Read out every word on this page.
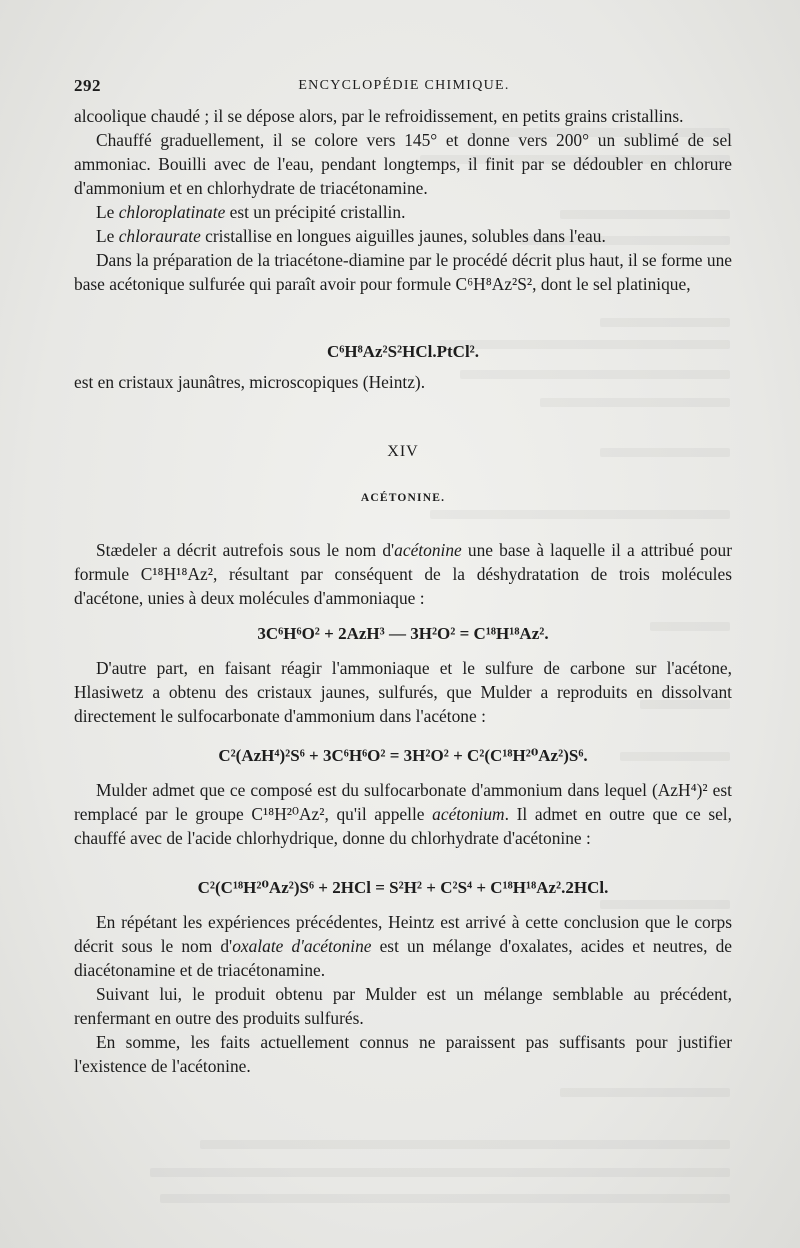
292	ENCYCLOPÉDIE CHIMIQUE.

alcoolique chaudé ; il se dépose alors, par le refroidissement, en petits grains cristallins.

Chauffé graduellement, il se colore vers 145° et donne vers 200° un sublimé de sel ammoniac. Bouilli avec de l'eau, pendant longtemps, il finit par se dédoubler en chlorure d'ammonium et en chlorhydrate de triacétonamine.

Le chloroplatinate est un précipité cristallin.

Le chloraurate cristallise en longues aiguilles jaunes, solubles dans l'eau.

Dans la préparation de la triacétone-diamine par le procédé décrit plus haut, il se forme une base acétonique sulfurée qui paraît avoir pour formule C⁶H⁸Az²S², dont le sel platinique,

C⁶H⁸Az²S²HCl.PtCl².

est en cristaux jaunâtres, microscopiques (Heintz).

XIV
ACÉTONINE.

Stædeler a décrit autrefois sous le nom d'acétonine une base à laquelle il a attribué pour formule C¹⁸H¹⁸Az², résultant par conséquent de la déshydratation de trois molécules d'acétone, unies à deux molécules d'ammoniaque :

3C⁶H⁶O² + 2AzH³ — 3H²O² = C¹⁸H¹⁸Az².

D'autre part, en faisant réagir l'ammoniaque et le sulfure de carbone sur l'acétone, Hlasiwetz a obtenu des cristaux jaunes, sulfurés, que Mulder a reproduits en dissolvant directement le sulfocarbonate d'ammonium dans l'acétone :

C²(AzH⁴)²S⁶ + 3C⁶H⁶O² = 3H²O² + C²(C¹⁸H²⁰Az²)S⁶.

Mulder admet que ce composé est du sulfocarbonate d'ammonium dans lequel (AzH⁴)² est remplacé par le groupe C¹⁸H²⁰Az², qu'il appelle acétonium. Il admet en outre que ce sel, chauffé avec de l'acide chlorhydrique, donne du chlorhydrate d'acétonine :

C²(C¹⁸H²⁰Az²)S⁶ + 2HCl = S²H² + C²S⁴ + C¹⁸H¹⁸Az².2HCl.

En répétant les expériences précédentes, Heintz est arrivé à cette conclusion que le corps décrit sous le nom d'oxalate d'acétonine est un mélange d'oxalates, acides et neutres, de diacétonamine et de triacétonamine.

Suivant lui, le produit obtenu par Mulder est un mélange semblable au précédent, renfermant en outre des produits sulfurés.

En somme, les faits actuellement connus ne paraissent pas suffisants pour justifier l'existence de l'acétonine.
